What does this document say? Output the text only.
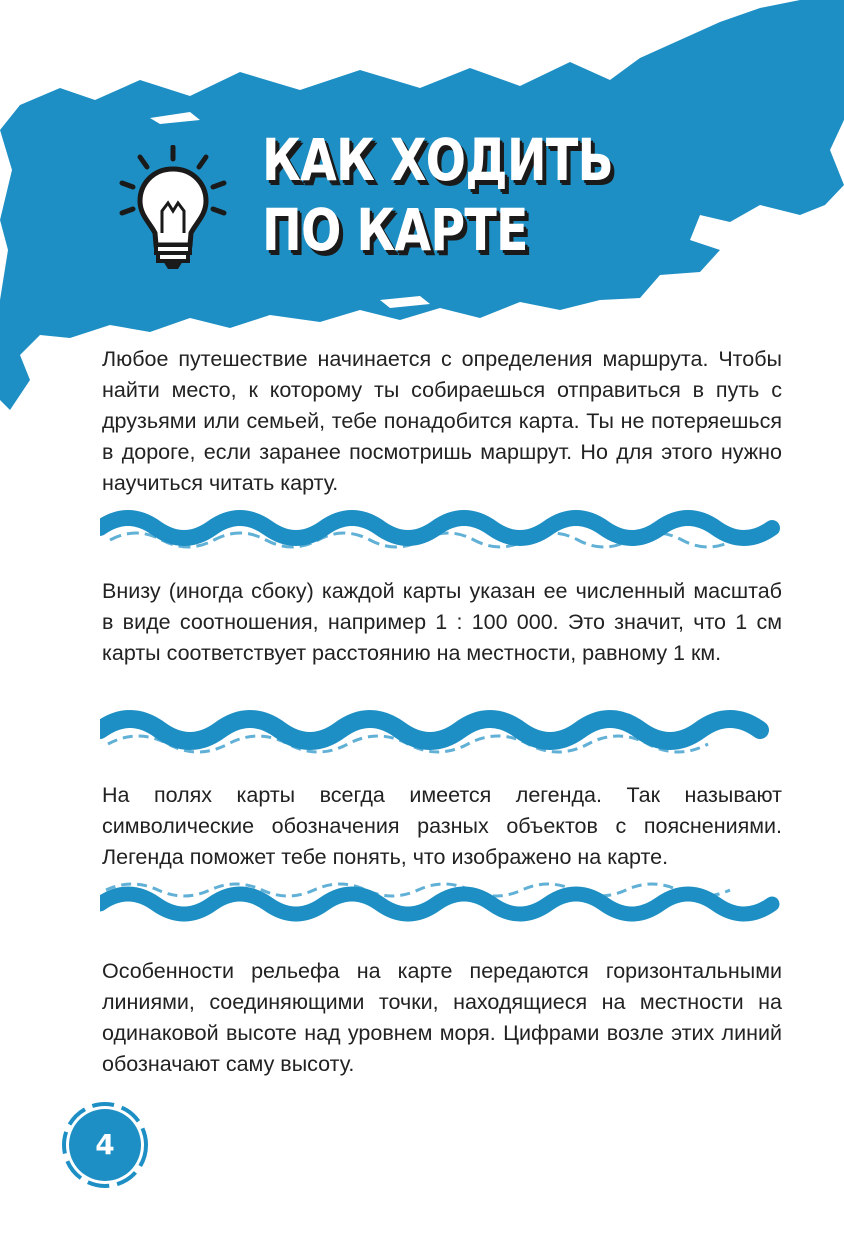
КАК ХОДИТЬ
ПО КАРТЕ

Любое путешествие начинается с определения маршрута. Чтобы найти место, к которому ты собираешься отправиться в путь с друзьями или семьей, тебе понадобится карта. Ты не потеряешься в дороге, если заранее посмотришь маршрут. Но для этого нужно научиться читать карту.

Внизу (иногда сбоку) каждой карты указан ее численный масштаб в виде соотношения, например 1 : 100 000. Это значит, что 1 см карты соответствует расстоянию на местности, равному 1 км.

На полях карты всегда имеется легенда. Так называют символические обозначения разных объектов с пояснениями. Легенда поможет тебе понять, что изображено на карте.

Особенности рельефа на карте передаются горизонтальными линиями, соединяющими точки, находящиеся на местности на одинаковой высоте над уровнем моря. Цифрами возле этих линий обозначают саму высоту.

4
